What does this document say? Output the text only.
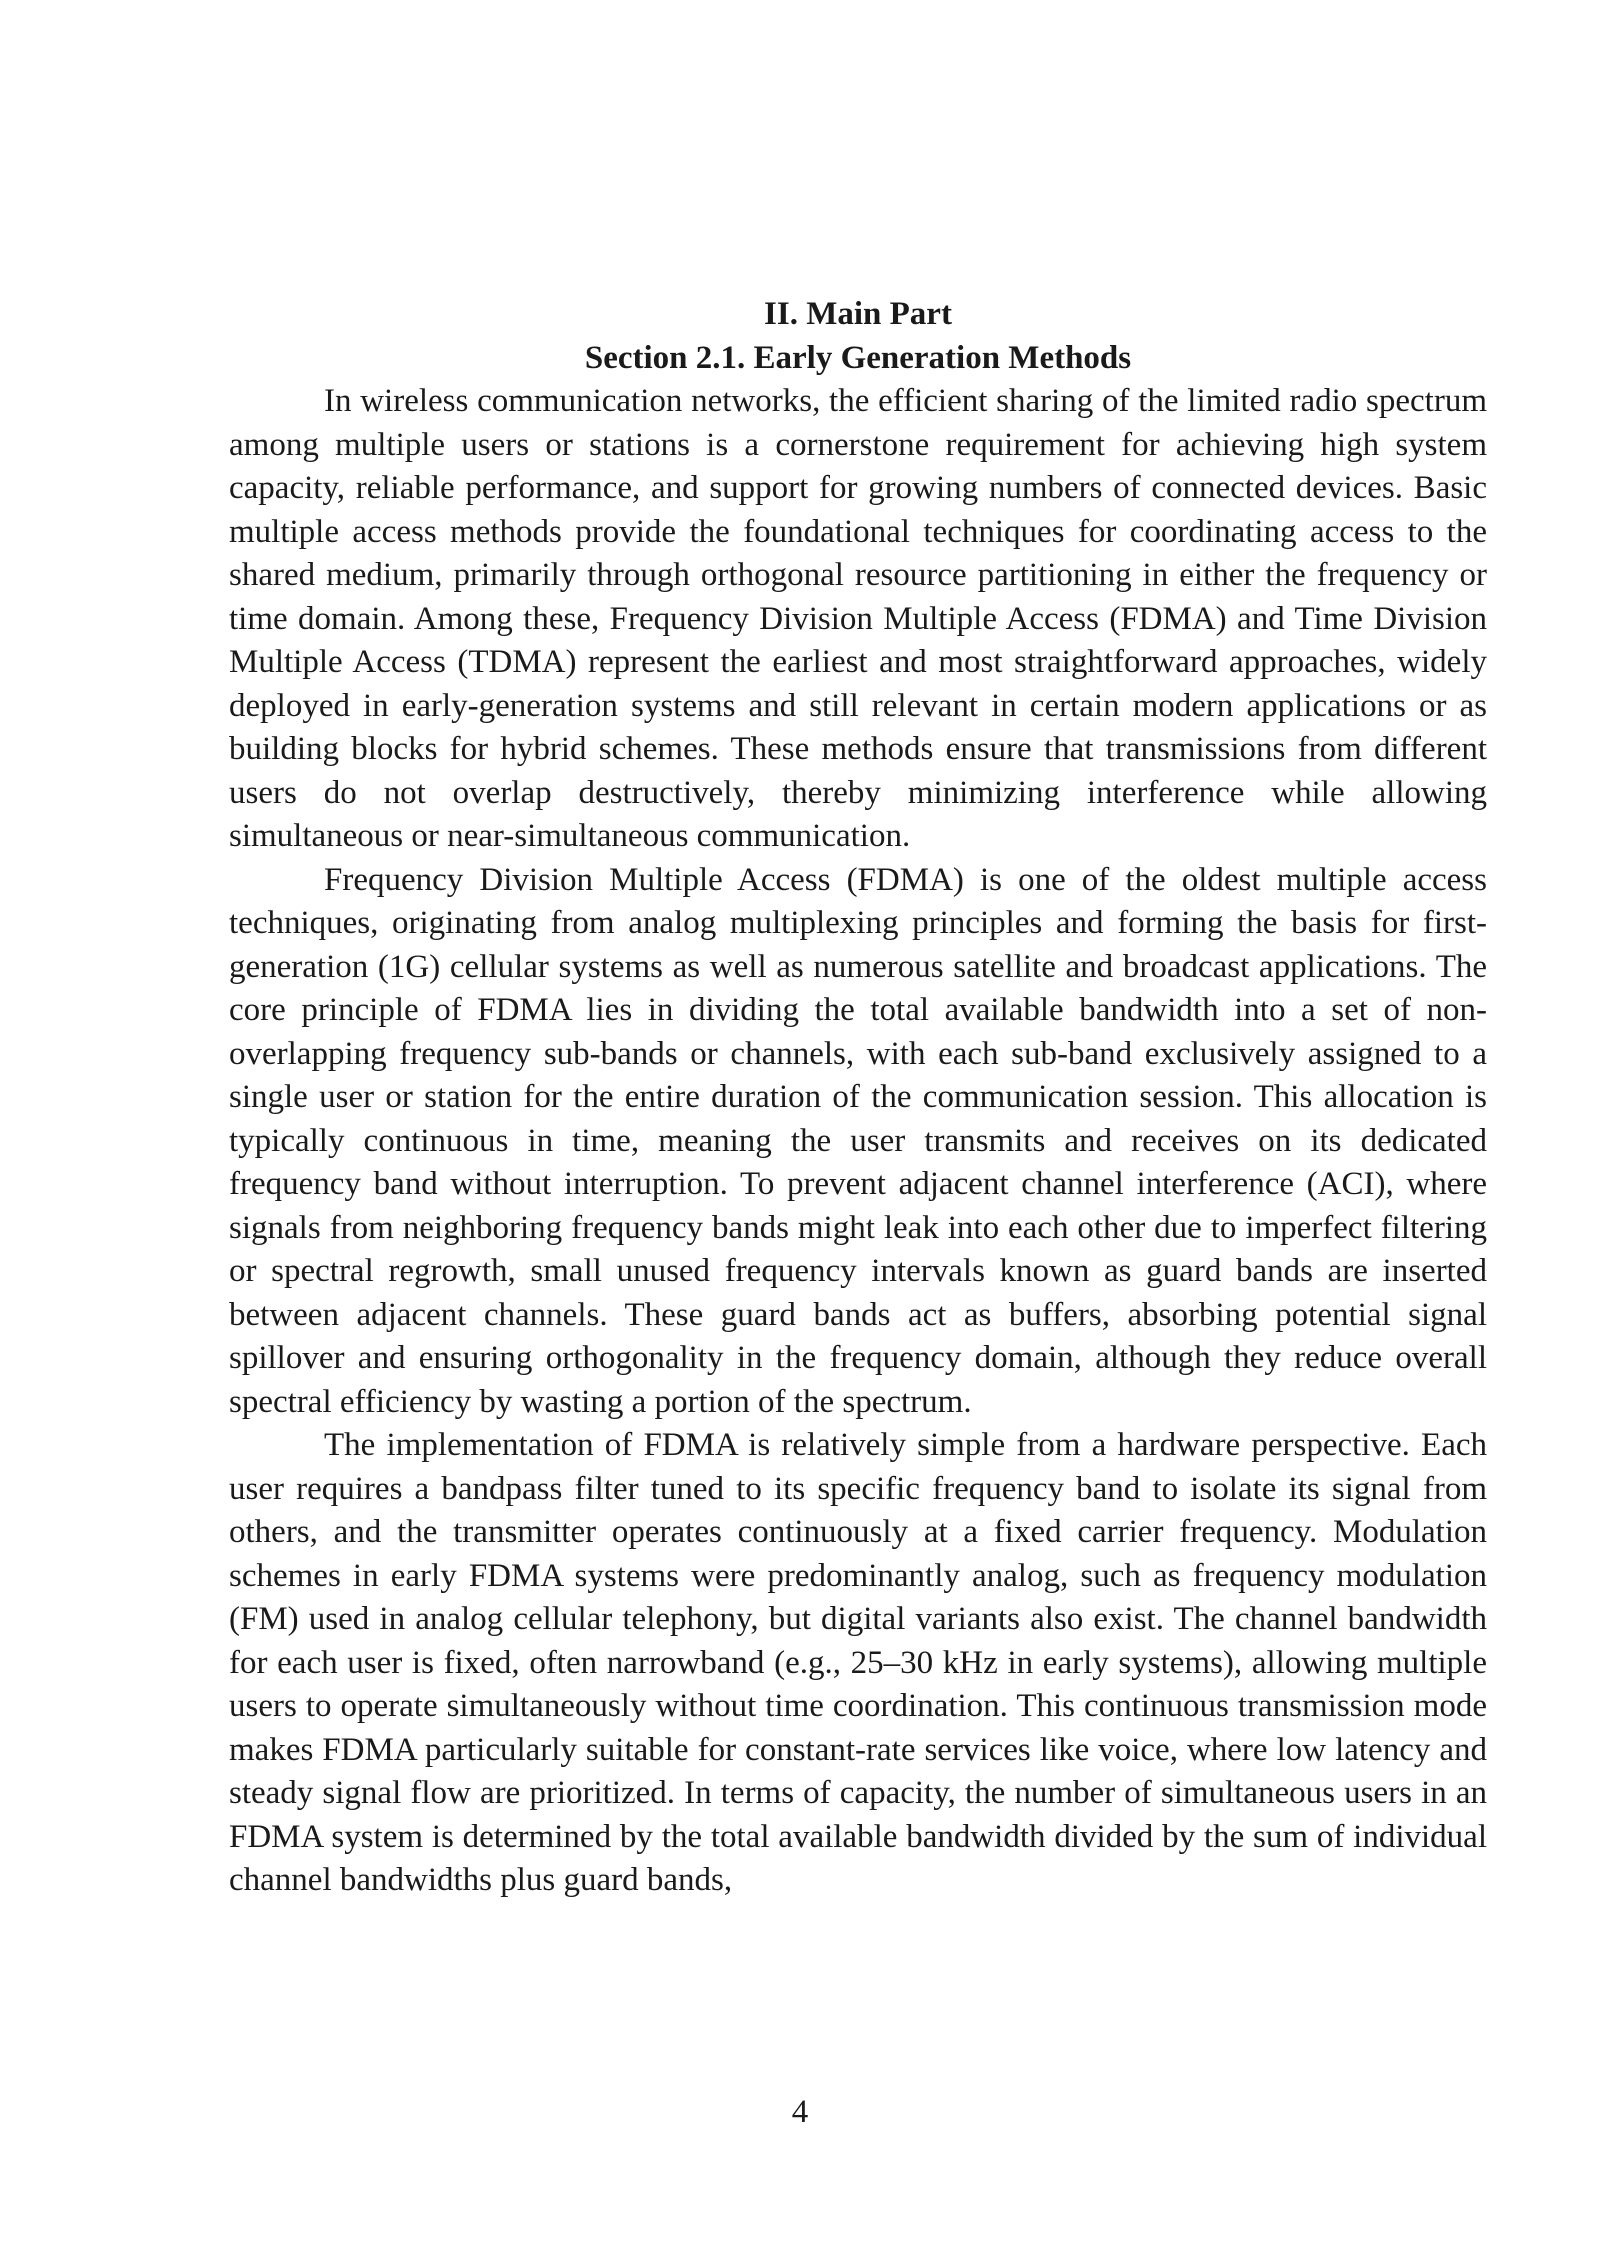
II. Main Part
Section 2.1. Early Generation Methods

In wireless communication networks, the efficient sharing of the limited radio spectrum among multiple users or stations is a cornerstone requirement for achieving high system capacity, reliable performance, and support for growing numbers of connected devices. Basic multiple access methods provide the foundational techniques for coordinating access to the shared medium, primarily through orthogonal resource partitioning in either the frequency or time domain. Among these, Frequency Division Multiple Access (FDMA) and Time Division Multiple Access (TDMA) represent the earliest and most straightforward approaches, widely deployed in early-generation systems and still relevant in certain modern applications or as building blocks for hybrid schemes. These methods ensure that transmissions from different users do not overlap destructively, thereby minimizing interference while allowing simultaneous or near-simultaneous communication.

Frequency Division Multiple Access (FDMA) is one of the oldest multiple access techniques, originating from analog multiplexing principles and forming the basis for first-generation (1G) cellular systems as well as numerous satellite and broadcast applications. The core principle of FDMA lies in dividing the total available bandwidth into a set of non-overlapping frequency sub-bands or channels, with each sub-band exclusively assigned to a single user or station for the entire duration of the communication session. This allocation is typically continuous in time, meaning the user transmits and receives on its dedicated frequency band without interruption. To prevent adjacent channel interference (ACI), where signals from neighboring frequency bands might leak into each other due to imperfect filtering or spectral regrowth, small unused frequency intervals known as guard bands are inserted between adjacent channels. These guard bands act as buffers, absorbing potential signal spillover and ensuring orthogonality in the frequency domain, although they reduce overall spectral efficiency by wasting a portion of the spectrum.

The implementation of FDMA is relatively simple from a hardware perspective. Each user requires a bandpass filter tuned to its specific frequency band to isolate its signal from others, and the transmitter operates continuously at a fixed carrier frequency. Modulation schemes in early FDMA systems were predominantly analog, such as frequency modulation (FM) used in analog cellular telephony, but digital variants also exist. The channel bandwidth for each user is fixed, often narrowband (e.g., 25–30 kHz in early systems), allowing multiple users to operate simultaneously without time coordination. This continuous transmission mode makes FDMA particularly suitable for constant-rate services like voice, where low latency and steady signal flow are prioritized. In terms of capacity, the number of simultaneous users in an FDMA system is determined by the total available bandwidth divided by the sum of individual channel bandwidths plus guard bands,

4
